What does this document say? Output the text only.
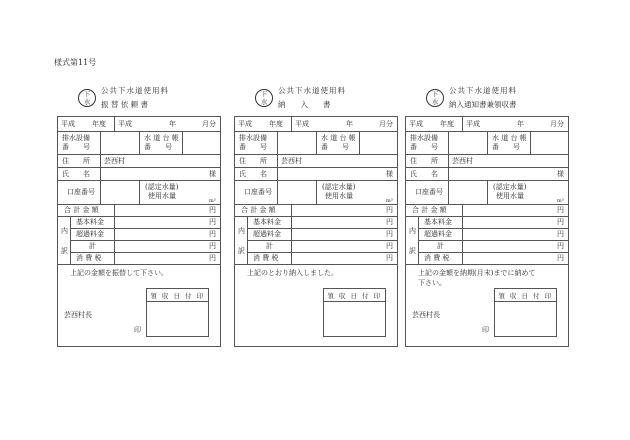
様式第11号
下
水
公共下水道使用料
振 替 依 頼 書
平成 年度 平成	年	月分
排水設備
番　　号
水 道 台 帳
番　　号
住　　所 芸西村
氏　　名	様
口座番号
(認定水量)
使用水量
m³
合 計 金 額	円
内
訳
基本料金	円
超過料金	円
計	円
消 費 税	円
上記の金額を振替して下さい。
領 収 日 付 印
芸西村長
印
下
水
公共下水道使用料
納　　入　　書
平成 年度 平成	年	月分
排水設備
番　　号
水 道 台 帳
番　　号
住　　所 芸西村
氏　　名	様
口座番号
(認定水量)
使用水量
m³
合 計 金 額	円
内
訳
基本料金	円
超過料金	円
計	円
消 費 税	円
上記のとおり納入しました。
領 収 日 付 印
下
水
公共下水道使用料
納入通知書兼領収書
平成 年度 平成	年	月分
排水設備
番　　号
水 道 台 帳
番　　号
住　　所 芸西村
氏　　名	様
口座番号
(認定水量)
使用水量
m³
合 計 金 額	円
内
訳
基本料金	円
超過料金	円
計	円
消 費 税	円
上記の金額を納期(月末)までに納めて
下さい。
領 収 日 付 印
芸西村長
印
